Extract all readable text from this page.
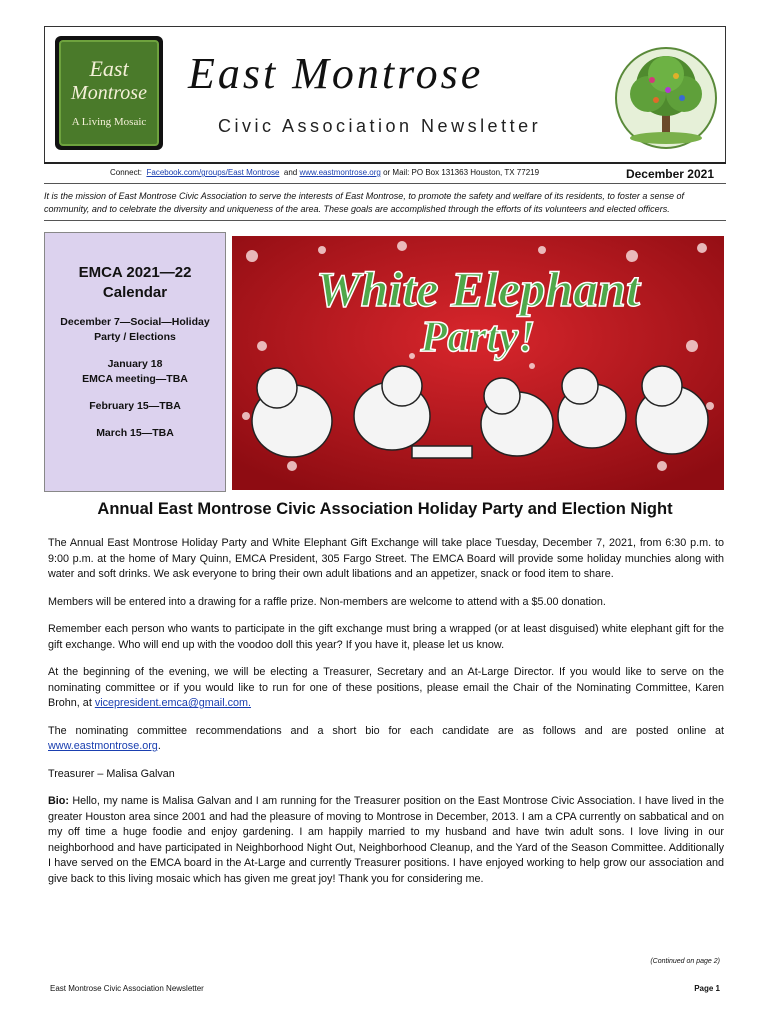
East
Montrose
A Living Mosaic
East Montrose
Civic Association Newsletter
Connect: Facebook.com/groups/East Montrose and www.eastmontrose.org or Mail: PO Box 131363 Houston, TX 77219	December 2021
It is the mission of East Montrose Civic Association to serve the interests of East Montrose, to promote the safety and welfare of its residents, to foster a sense of community, and to celebrate the diversity and uniqueness of the area. These goals are accomplished through the efforts of its volunteers and elected officers.
EMCA 2021—22
Calendar
December 7—Social—Holiday
Party / Elections
January 18
EMCA meeting—TBA
February 15—TBA
March 15—TBA
White Elephant
Party!
Annual East Montrose Civic Association Holiday Party and Election Night

The Annual East Montrose Holiday Party and White Elephant Gift Exchange will take place Tuesday, December 7, 2021, from 6:30 p.m. to 9:00 p.m. at the home of Mary Quinn, EMCA President, 305 Fargo Street. The EMCA Board will provide some holiday munchies along with water and soft drinks. We ask everyone to bring their own adult libations and an appetizer, snack or food item to share.

Members will be entered into a drawing for a raffle prize. Non-members are welcome to attend with a $5.00 donation.

Remember each person who wants to participate in the gift exchange must bring a wrapped (or at least disguised) white elephant gift for the gift exchange. Who will end up with the voodoo doll this year? If you have it, please let us know.

At the beginning of the evening, we will be electing a Treasurer, Secretary and an At-Large Director. If you would like to serve on the nominating committee or if you would like to run for one of these positions, please email the Chair of the Nominating Committee, Karen Brohn, at vicepresident.emca@gmail.com.

The nominating committee recommendations and a short bio for each candidate are as follows and are posted online at www.eastmontrose.org.

Treasurer – Malisa Galvan

Bio: Hello, my name is Malisa Galvan and I am running for the Treasurer position on the East Montrose Civic Association. I have lived in the greater Houston area since 2001 and had the pleasure of moving to Montrose in December, 2013. I am a CPA currently on sabbatical and on my off time a huge foodie and enjoy gardening. I am happily married to my husband and have twin adult sons. I love living in our neighborhood and have participated in Neighborhood Night Out, Neighborhood Cleanup, and the Yard of the Season Committee. Additionally I have served on the EMCA board in the At-Large and currently Treasurer positions. I have enjoyed working to help grow our association and give back to this living mosaic which has given me great joy! Thank you for considering me.

(Continued on page 2)
East Montrose Civic Association Newsletter	Page 1
